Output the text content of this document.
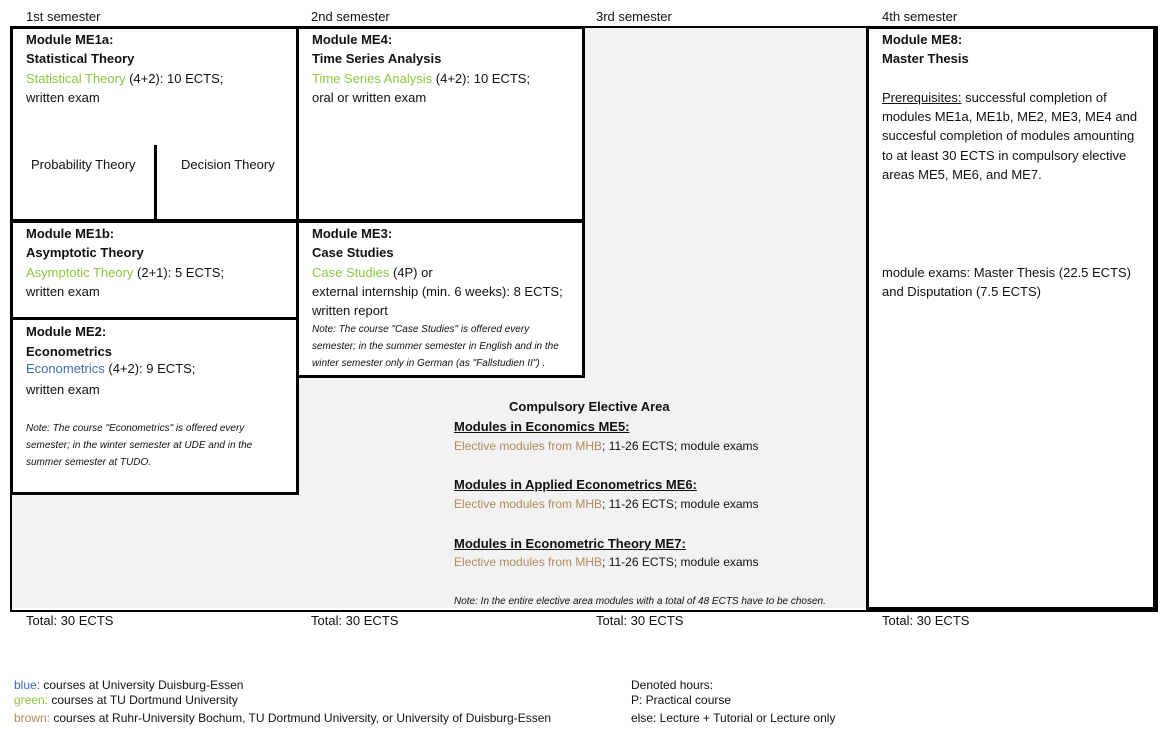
1st semester	2nd semester	3rd semester	4th semester
Module ME1a:
Statistical Theory
Statistical Theory (4+2): 10 ECTS;
written exam
Probability Theory	Decision Theory
Module ME4:
Time Series Analysis
Time Series Analysis (4+2): 10 ECTS;
oral or written exam
Module ME1b:
Asymptotic Theory
Asymptotic Theory (2+1): 5 ECTS;
written exam
Module ME3:
Case Studies
Case Studies (4P) or
external internship (min. 6 weeks): 8 ECTS;
written report
Note: The course "Case Studies" is offered every
semester; in the summer semester in English and in the
winter semester only in German (as "Fallstudien II") .
Module ME2:
Econometrics
Econometrics (4+2): 9 ECTS;
written exam
Note: The course "Econometrics" is offered every
semester; in the winter semester at UDE and in the
summer semester at TUDO.
Module ME8:
Master Thesis
Prerequisites: successful completion of
modules ME1a, ME1b, ME2, ME3, ME4 and
succesful completion of modules amounting
to at least 30 ECTS in compulsory elective
areas ME5, ME6, and ME7.
module exams: Master Thesis (22.5 ECTS)
and Disputation (7.5 ECTS)
Compulsory Elective Area
Modules in Economics ME5:
Elective modules from MHB; 11-26 ECTS; module exams
Modules in Applied Econometrics ME6:
Elective modules from MHB; 11-26 ECTS; module exams
Modules in Econometric Theory ME7:
Elective modules from MHB; 11-26 ECTS; module exams
Note: In the entire elective area modules with a total of 48 ECTS have to be chosen.
Total: 30 ECTS	Total: 30 ECTS	Total: 30 ECTS	Total: 30 ECTS
blue: courses at University Duisburg-Essen
green: courses at TU Dortmund University
brown: courses at Ruhr-University Bochum, TU Dortmund University, or University of Duisburg-Essen
Denoted hours:
P: Practical course
else: Lecture + Tutorial or Lecture only
